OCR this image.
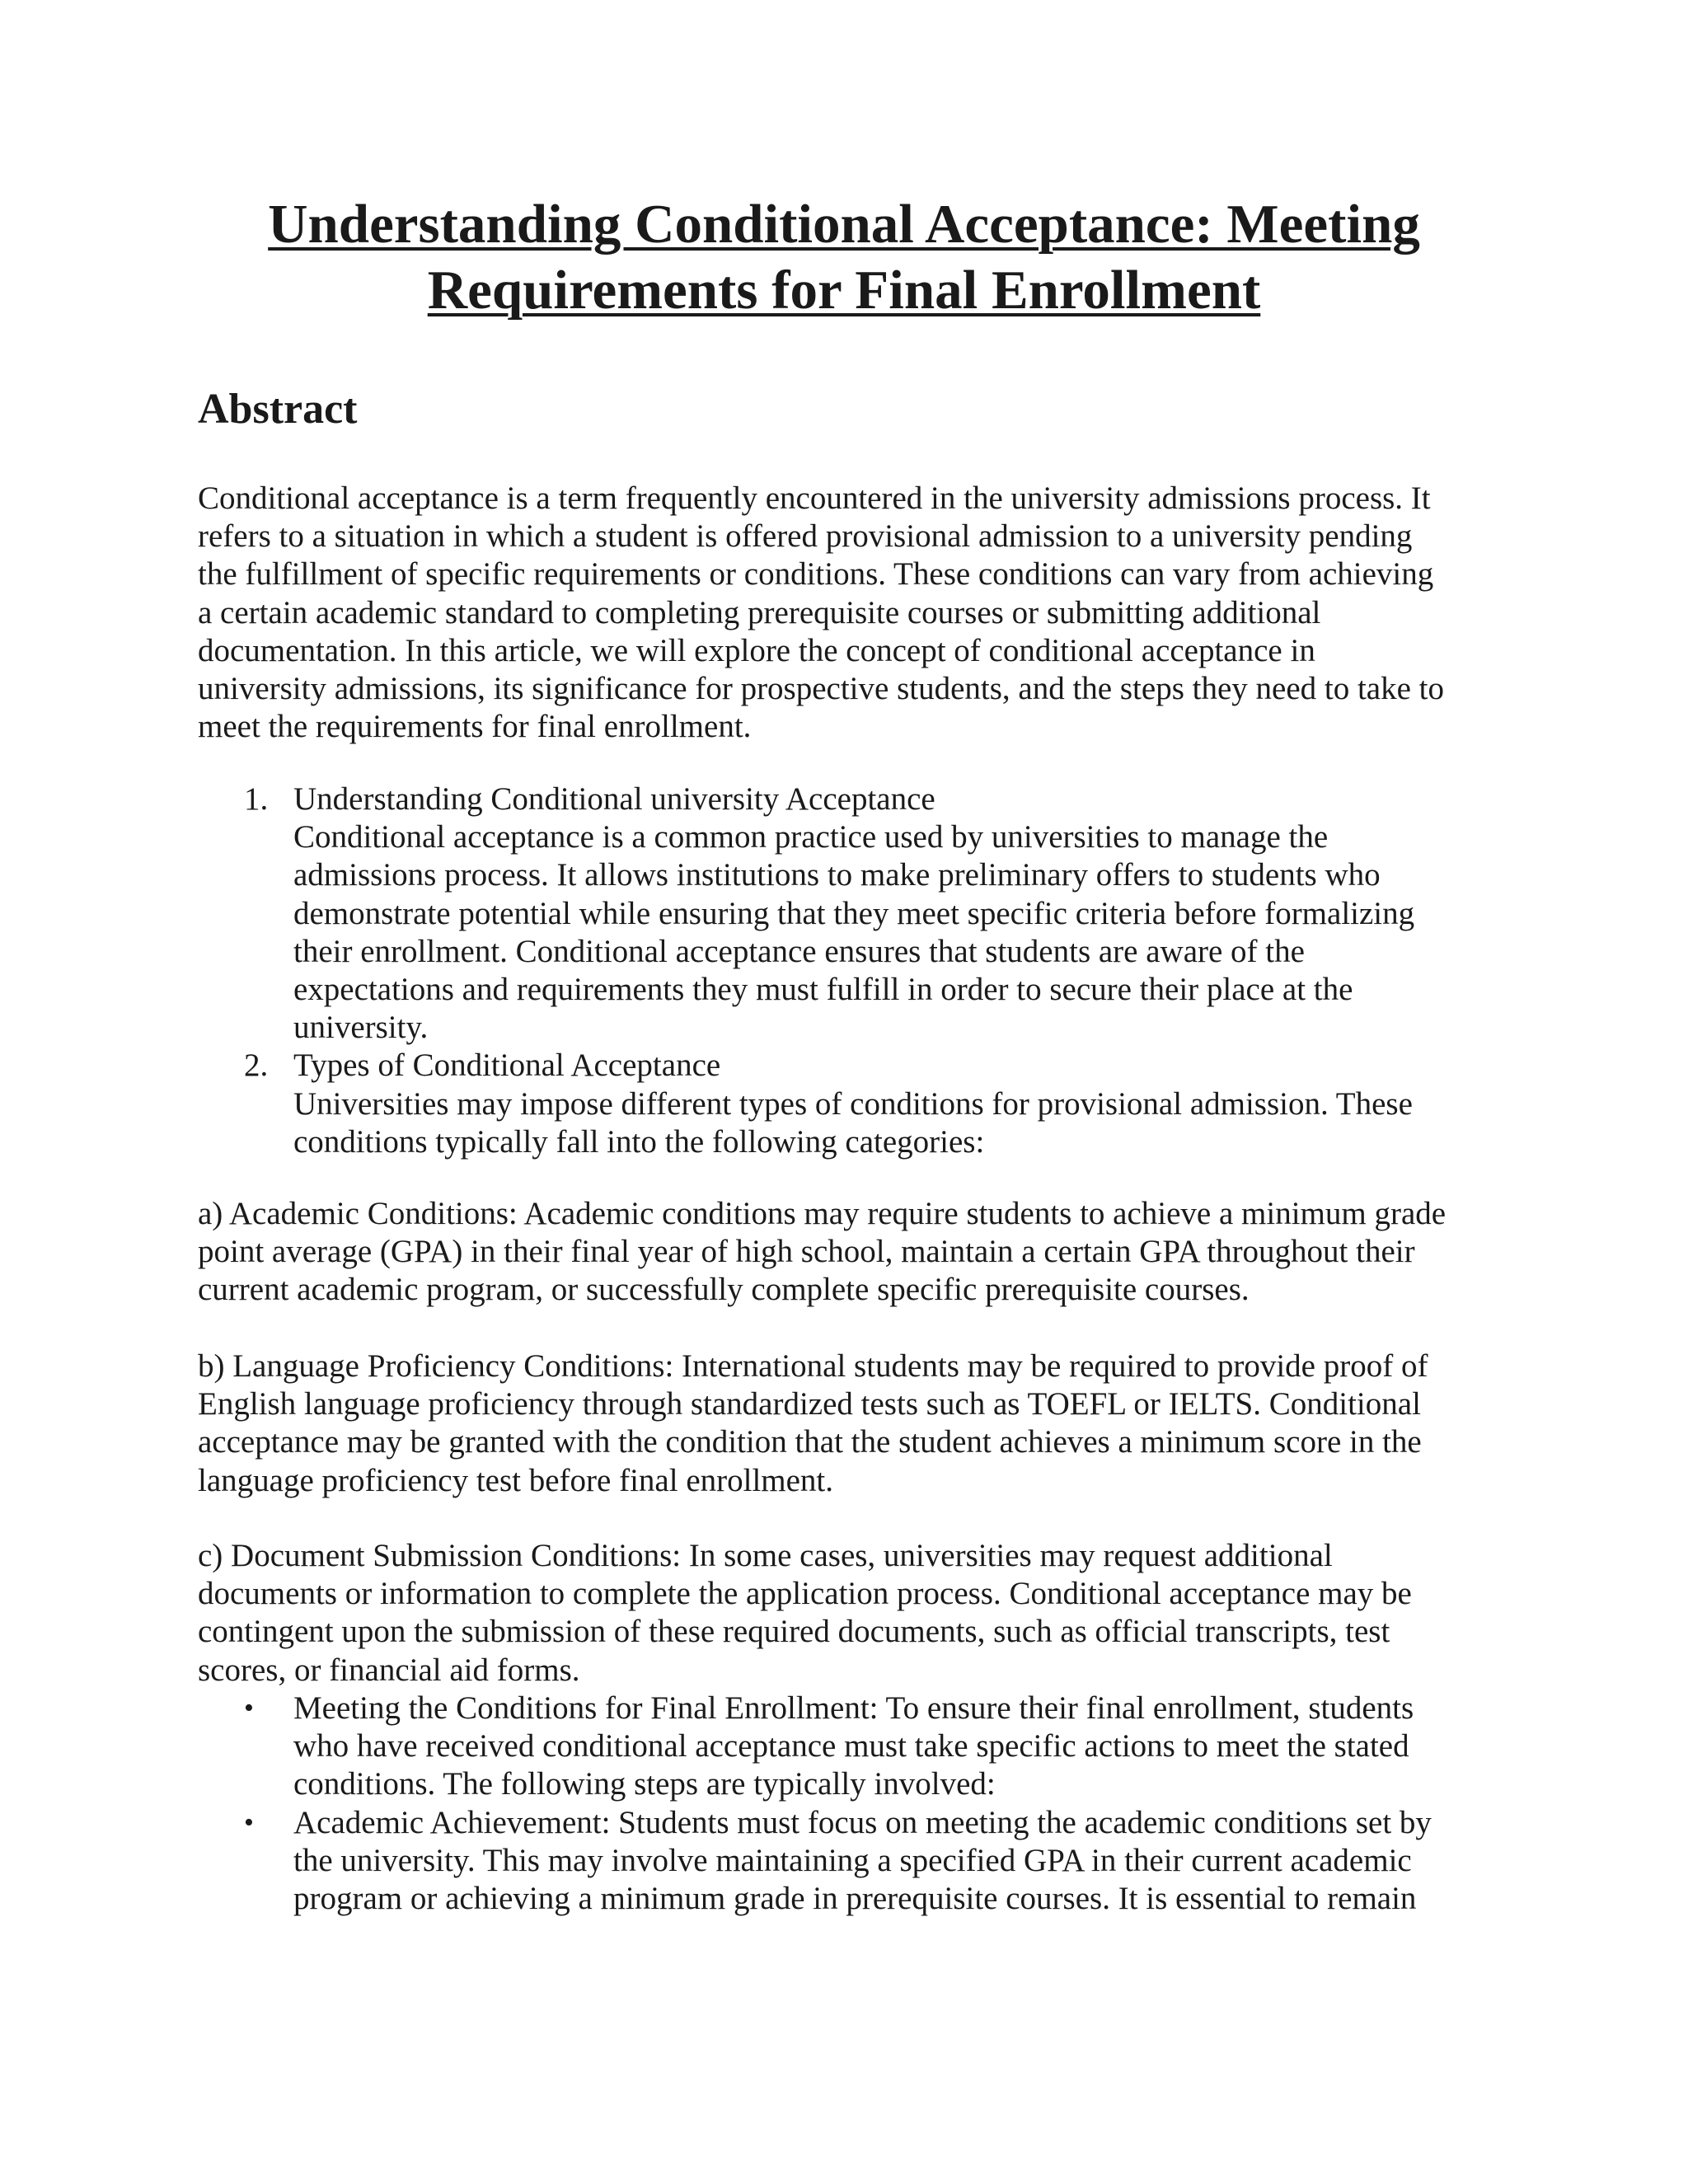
Understanding Conditional Acceptance: Meeting
Requirements for Final Enrollment
Abstract
Conditional acceptance is a term frequently encountered in the university admissions process. It
refers to a situation in which a student is offered provisional admission to a university pending
the fulfillment of specific requirements or conditions. These conditions can vary from achieving
a certain academic standard to completing prerequisite courses or submitting additional
documentation. In this article, we will explore the concept of conditional acceptance in
university admissions, its significance for prospective students, and the steps they need to take to
meet the requirements for final enrollment.
1. Understanding Conditional university Acceptance
Conditional acceptance is a common practice used by universities to manage the
admissions process. It allows institutions to make preliminary offers to students who
demonstrate potential while ensuring that they meet specific criteria before formalizing
their enrollment. Conditional acceptance ensures that students are aware of the
expectations and requirements they must fulfill in order to secure their place at the
university.
2. Types of Conditional Acceptance
Universities may impose different types of conditions for provisional admission. These
conditions typically fall into the following categories:
a) Academic Conditions: Academic conditions may require students to achieve a minimum grade
point average (GPA) in their final year of high school, maintain a certain GPA throughout their
current academic program, or successfully complete specific prerequisite courses.
b) Language Proficiency Conditions: International students may be required to provide proof of
English language proficiency through standardized tests such as TOEFL or IELTS. Conditional
acceptance may be granted with the condition that the student achieves a minimum score in the
language proficiency test before final enrollment.
c) Document Submission Conditions: In some cases, universities may request additional
documents or information to complete the application process. Conditional acceptance may be
contingent upon the submission of these required documents, such as official transcripts, test
scores, or financial aid forms.
•	Meeting the Conditions for Final Enrollment: To ensure their final enrollment, students
who have received conditional acceptance must take specific actions to meet the stated
conditions. The following steps are typically involved:
•	Academic Achievement: Students must focus on meeting the academic conditions set by
the university. This may involve maintaining a specified GPA in their current academic
program or achieving a minimum grade in prerequisite courses. It is essential to remain
